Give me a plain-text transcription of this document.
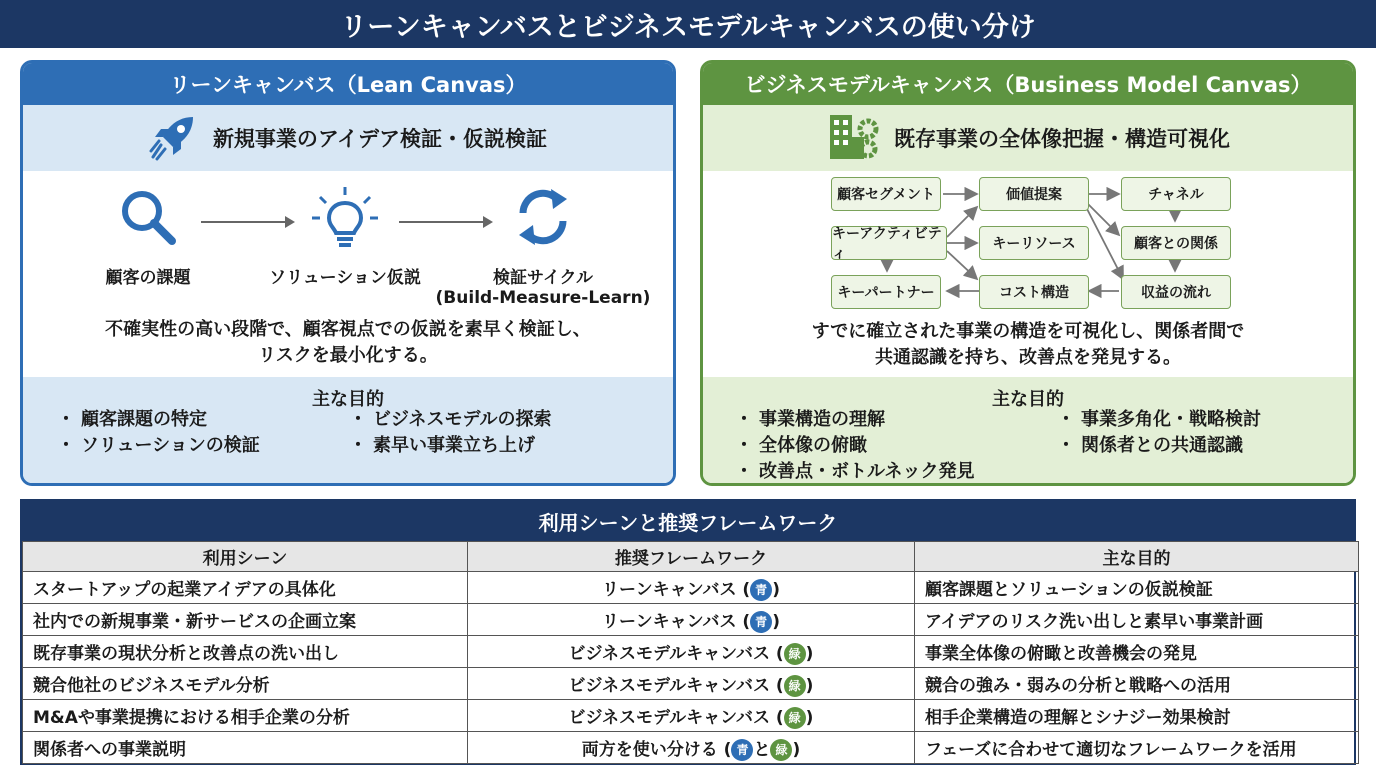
リーンキャンバスとビジネスモデルキャンバスの使い分け
リーンキャンバス（Lean Canvas）
新規事業のアイデア検証・仮説検証
顧客の課題	ソリューション仮説	検証サイクル
(Build-Measure-Learn)
不確実性の高い段階で、顧客視点での仮説を素早く検証し、
リスクを最小化する。
主な目的
・ 顧客課題の特定
・ ソリューションの検証
・ ビジネスモデルの探索
・ 素早い事業立ち上げ
ビジネスモデルキャンバス（Business Model Canvas）
既存事業の全体像把握・構造可視化
顧客セグメント	価値提案	チャネル
キーアクティビティ
キーリソース	顧客との関係
キーパートナー	コスト構造	収益の流れ
すでに確立された事業の構造を可視化し、関係者間で
共通認識を持ち、改善点を発見する。
主な目的
・ 事業構造の理解
・ 全体像の俯瞰
・ 改善点・ボトルネック発見
・ 事業多角化・戦略検討
・ 関係者との共通認識
利用シーンと推奨フレームワーク
利用シーン	推奨フレームワーク	主な目的
スタートアップの起業アイデアの具体化	リーンキャンバス ( 青 )	顧客課題とソリューションの仮説検証
社内での新規事業・新サービスの企画立案	リーンキャンバス ( 青 )	アイデアのリスク洗い出しと素早い事業計画
既存事業の現状分析と改善点の洗い出し	ビジネスモデルキャンバス ( 緑 )	事業全体像の俯瞰と改善機会の発見
競合他社のビジネスモデル分析	ビジネスモデルキャンバス ( 緑 )	競合の強み・弱みの分析と戦略への活用
M&Aや事業提携における相手企業の分析	ビジネスモデルキャンバス ( 緑 )	相手企業構造の理解とシナジー効果検討
関係者への事業説明	両方を使い分ける ( 青 と 緑 )	フェーズに合わせて適切なフレームワークを活用
